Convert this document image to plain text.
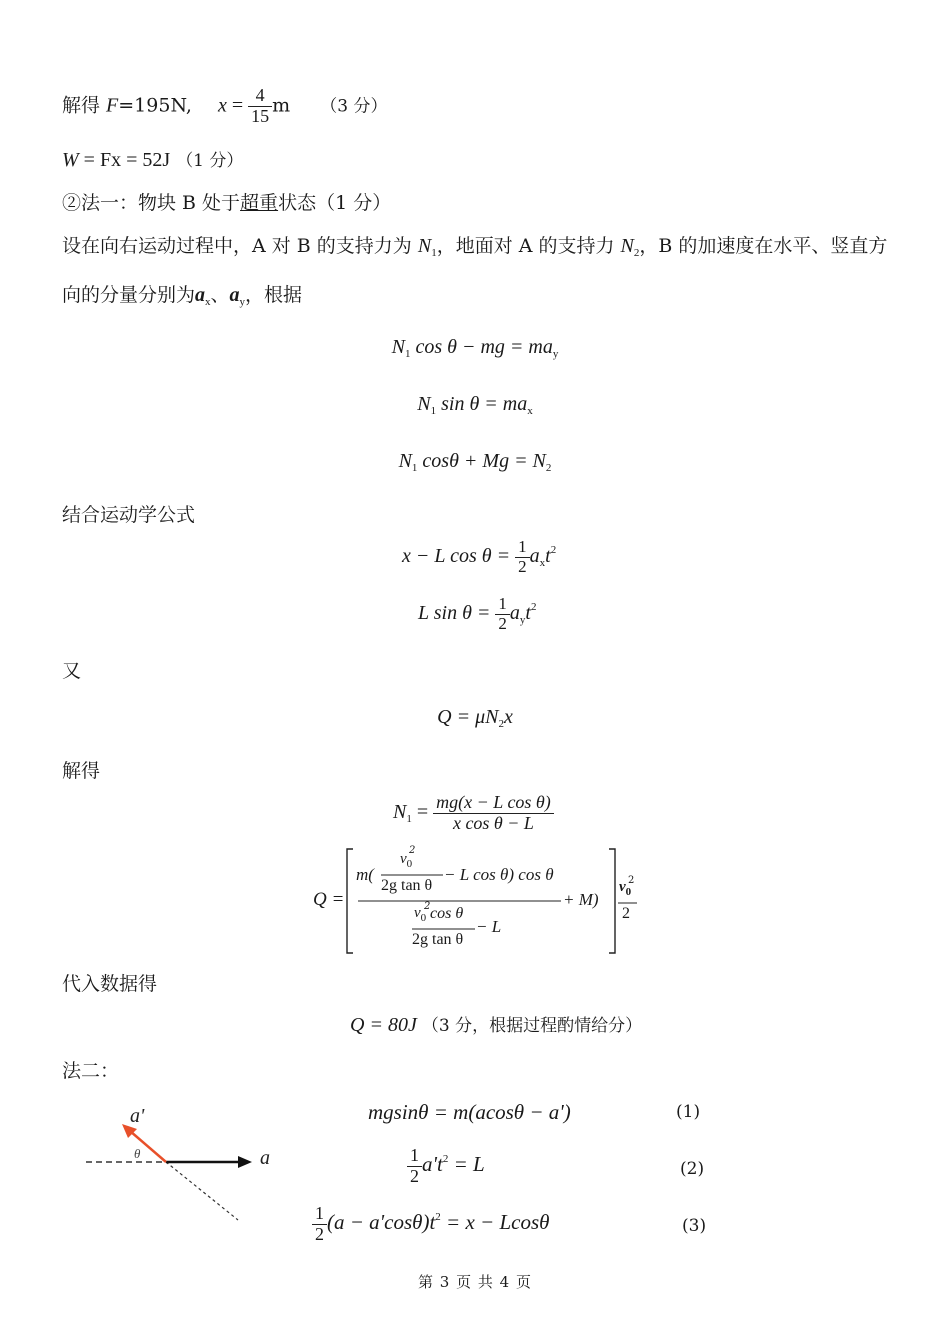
解得 F=195N, $x = \frac{4}{15}$ m （3 分）
W = Fx = 52J （1 分）
②法一：物块 B 处于超重状态（1 分）
设在向右运动过程中，A 对 B 的支持力为 $N_1$，地面对 A 的支持力 $N_2$，B 的加速度在水平、竖直方
向的分量分别为$a_x$、$a_y$，根据
$N_1$ cos θ − mg = $ma_y$
$N_1$ $\sin \theta = ma_x$
$N_1$ $\cos\theta + Mg = N_2$
结合运动学公式
x − L $\cos \theta = \frac{1}{2} a_xt^2$
L $\sin \theta = \frac{1}{2} a_yt^2$
又
$Q = \mu N_2x$
解得
$N_1 = \frac{\text{mg(x − L cos θ)}}{\text{x cos θ − L}}$
Q =
m(
$v_0$
2
2g tan θ
− L cos θ) cos θ
$v_0$
2 cos θ
2g tan θ
− L
+ M)
$v_0$
2
2
代入数据得
Q = 80J （3 分，根据过程酌情给分）
法二：
a'
θ	a
mgsinθ = m(acosθ − a')	(1)
$\frac{1}{2} a't^2 = L$	(2)
$\frac{1}{2} (a - a'\cos\theta)t^2 = x - Lcos\theta$	(3)
第 3 页 共 4 页
